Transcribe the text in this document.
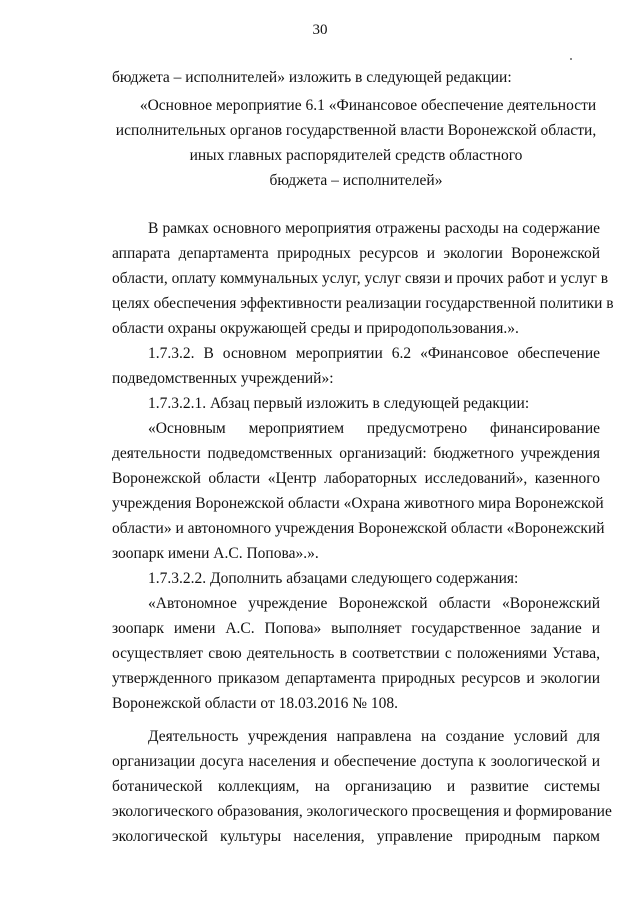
30
бюджета – исполнителей» изложить в следующей редакции:
«Основное мероприятие 6.1 «Финансовое обеспечение деятельности
исполнительных органов государственной власти Воронежской области,
иных главных распорядителей средств областного
бюджета – исполнителей»
В рамках основного мероприятия отражены расходы на содержание
аппарата департамента природных ресурсов и экологии Воронежской
области, оплату коммунальных услуг, услуг связи и прочих работ и услуг в
целях обеспечения эффективности реализации государственной политики в
области охраны окружающей среды и природопользования.».
1.7.3.2. В основном мероприятии 6.2 «Финансовое обеспечение
подведомственных учреждений»:
1.7.3.2.1. Абзац первый изложить в следующей редакции:
«Основным мероприятием предусмотрено финансирование
деятельности подведомственных организаций: бюджетного учреждения
Воронежской области «Центр лабораторных исследований», казенного
учреждения Воронежской области «Охрана животного мира Воронежской
области» и автономного учреждения Воронежской области «Воронежский
зоопарк имени А.С. Попова».».
1.7.3.2.2. Дополнить абзацами следующего содержания:
«Автономное учреждение Воронежской области «Воронежский
зоопарк имени А.С. Попова» выполняет государственное задание и
осуществляет свою деятельность в соответствии с положениями Устава,
утвержденного приказом департамента природных ресурсов и экологии
Воронежской области от 18.03.2016 № 108.
Деятельность учреждения направлена на создание условий для
организации досуга населения и обеспечение доступа к зоологической и
ботанической коллекциям, на организацию и развитие системы
экологического образования, экологического просвещения и формирование
экологической культуры населения, управление природным парком
